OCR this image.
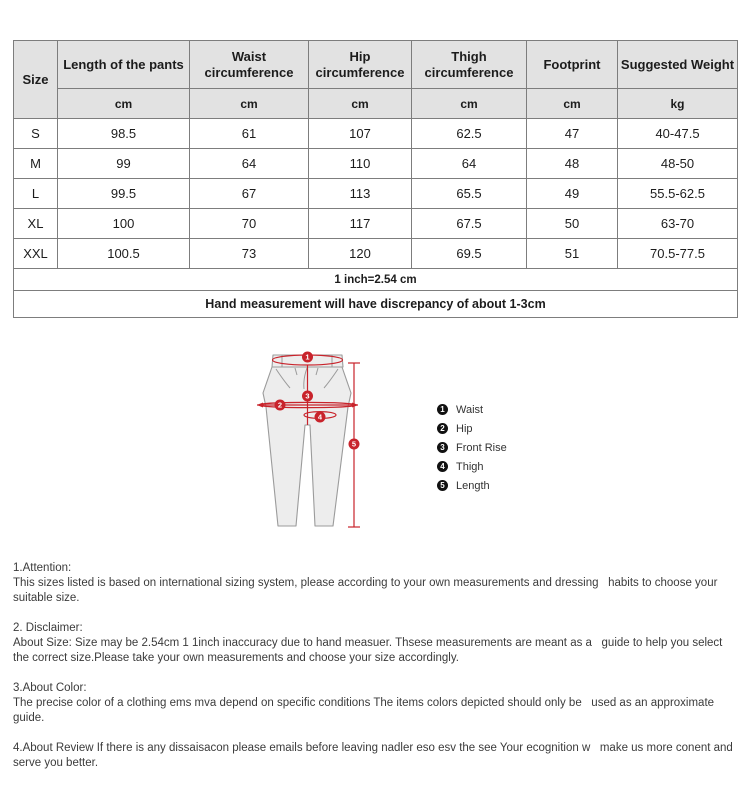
Size	Length of the pants	Waist circumference	Hip circumference	Thigh circumference	Footprint	Suggested Weight
	cm	cm	cm	cm	cm	kg
S	98.5	61	107	62.5	47	40-47.5
M	99	64	110	64	48	48-50
L	99.5	67	113	65.5	49	55.5-62.5
XL	100	70	117	67.5	50	63-70
XXL	100.5	73	120	69.5	51	70.5-77.5
1 inch=2.54 cm						
Hand measurement will have discrepancy of about 1-3cm						
1
2
3
4
5
1 Waist
2 Hip
3 Front Rise
4 Thigh
5 Length
1.Attention:
This sizes listed is based on international sizing system, please according to your own measurements and dressing   habits to choose your suitable size.
2. Disclaimer:
About Size: Size may be 2.54cm 1 1inch inaccuracy due to hand measuer. Thsese measurements are meant as a   guide to help you select the correct size.Please take your own measurements and choose your size accordingly.
3.About Color:
The precise color of a clothing ems mva depend on specific conditions The items colors depicted should only be   used as an approximate guide.
4.About Review If there is any dissaisacon please emails before leaving nadler eso esv the see Your ecognition w   make us more conent and serve you better.
